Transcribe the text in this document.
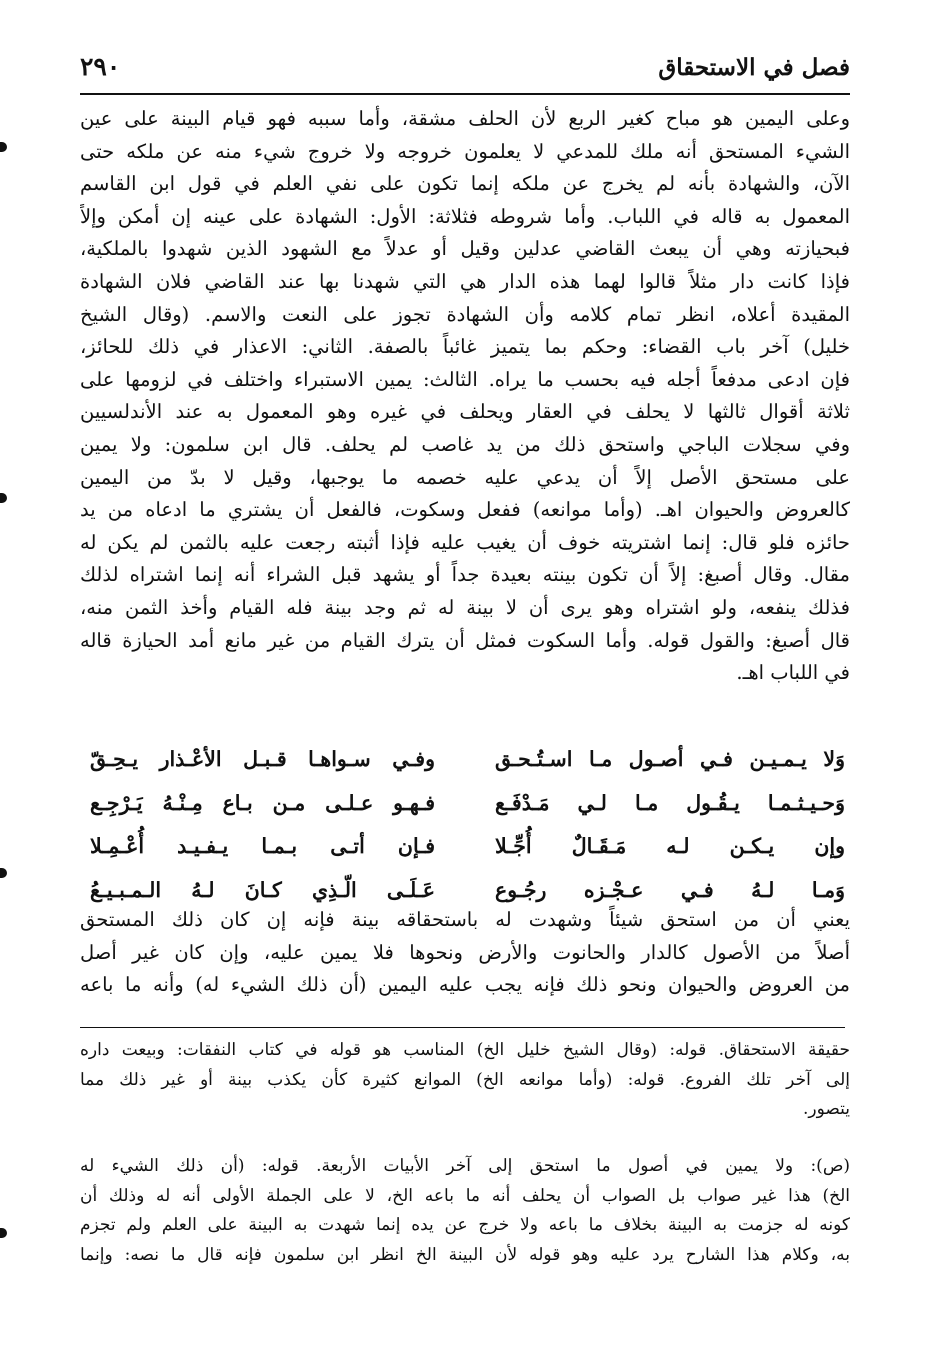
فصل في الاستحقاق
٢٩٠
وعلى اليمين هو مباح كغير الربع لأن الحلف مشقة، وأما سببه فهو قيام البينة على عين
الشيء المستحق أنه ملك للمدعي لا يعلمون خروجه ولا خروج شيء منه عن ملكه حتى
الآن، والشهادة بأنه لم يخرج عن ملكه إنما تكون على نفي العلم في قول ابن القاسم
المعمول به قاله في اللباب. وأما شروطه فثلاثة: الأول: الشهادة على عينه إن أمكن وإلاً
فبحيازته وهي أن يبعث القاضي عدلين وقيل أو عدلاً مع الشهود الذين شهدوا بالملكية،
فإذا كانت دار مثلاً قالوا لهما هذه الدار هي التي شهدنا بها عند القاضي فلان الشهادة
المقيدة أعلاه، انظر تمام كلامه وأن الشهادة تجوز على النعت والاسم. (وقال الشيخ
خليل) آخر باب القضاء: وحكم بما يتميز غائباً بالصفة. الثاني: الاعذار في ذلك للحائز،
فإن ادعى مدفعاً أجله فيه بحسب ما يراه. الثالث: يمين الاستبراء واختلف في لزومها على
ثلاثة أقوال ثالثها لا يحلف في العقار ويحلف في غيره وهو المعمول به عند الأندلسيين
وفي سجلات الباجي واستحق ذلك من يد غاصب لم يحلف. قال ابن سلمون: ولا يمين
على مستحق الأصل إلاً أن يدعي عليه خصمه ما يوجبها، وقيل لا بدّ من اليمين
كالعروض والحيوان اهـ. (وأما موانعه) ففعل وسكوت، فالفعل أن يشتري ما ادعاه من يد
حائزه فلو قال: إنما اشتريته خوف أن يغيب عليه فإذا أثبته رجعت عليه بالثمن لم يكن له
مقال. وقال أصبغ: إلاً أن تكون بينته بعيدة جداً أو يشهد قبل الشراء أنه إنما اشتراه لذلك
فذلك ينفعه، ولو اشتراه وهو يرى أن لا بينة له ثم وجد بينة فله القيام وأخذ الثمن منه،
قال أصبغ: والقول قوله. وأما السكوت فمثل أن يترك القيام من غير مانع أمد الحيازة قاله
في اللباب اهـ.
وَلا يـمـيـن فـي أصـول مـا اسـتُـحـق
وفـي سـواهـا قـبـل الأعْـذار يـحِـقّ
وَحـيـثـمـا يـقُـول مـا لـي مَـدْفَـع
فـهـو عـلـى مـن بـاع مِـنْـهُ يَـرْجِـع
وإن يـكـن لـه مَـقَـالٌ أُجِّـلا
فـإن أتـى بـمـا يـفـيـد أُعْـمِـلا
وَمـا لـهُ فـي عـجْـزه رجُـوع
عَـلَـى الّـذِي كـانَ لـهُ الـمـبـيـعُ
يعني أن من استحق شيئاً وشهدت له باستحقاقه بينة فإنه إن كان ذلك المستحق
أصلاً من الأصول كالدار والحانوت والأرض ونحوها فلا يمين عليه، وإن كان غير أصل
من العروض والحيوان ونحو ذلك فإنه يجب عليه اليمين (أن ذلك الشيء له) وأنه ما باعه
حقيقة الاستحقاق. قوله: (وقال الشيخ خليل الخ) المناسب هو قوله في كتاب النفقات: وبيعت داره
إلى آخر تلك الفروع. قوله: (وأما موانعه الخ) الموانع كثيرة كأن يكذب بينة أو غير ذلك مما
يتصور.
(ص): ولا يمين في أصول ما استحق إلى آخر الأبيات الأربعة. قوله: (أن ذلك الشيء له
الخ) هذا غير صواب بل الصواب أن يحلف أنه ما باعه الخ، لا على الجملة الأولى أنه له وذلك أن
كونه له جزمت به البينة بخلاف ما باعه ولا خرج عن يده إنما شهدت به البينة على العلم ولم تجزم
به، وكلام هذا الشارح يرد عليه وهو قوله لأن البينة الخ انظر ابن سلمون فإنه قال ما نصه: وإنما
